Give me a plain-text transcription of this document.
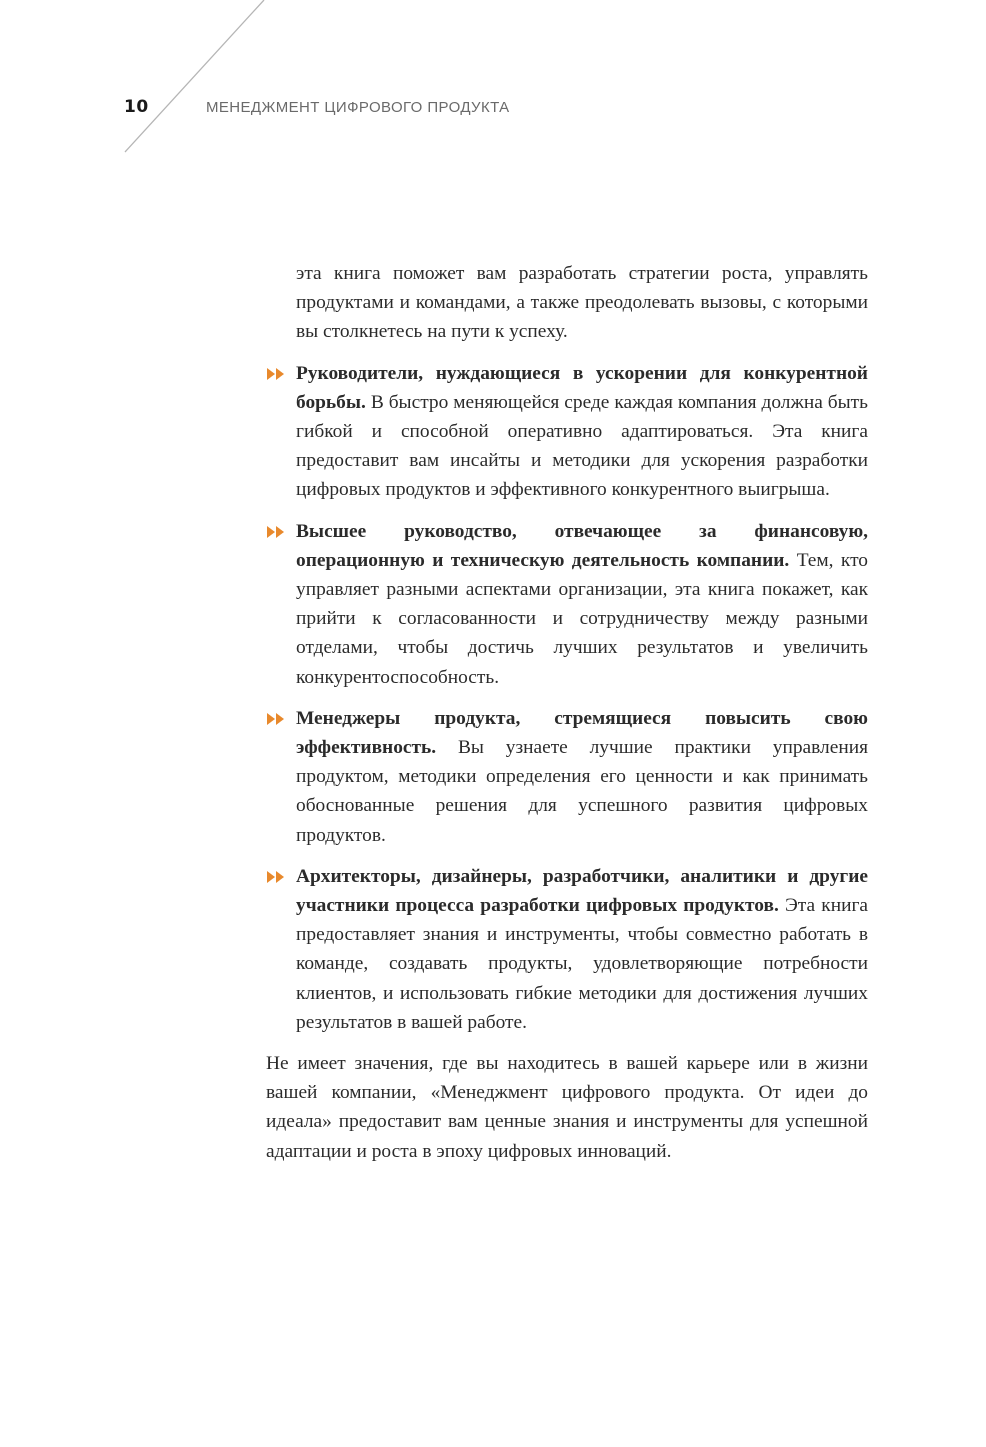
10	МЕНЕДЖМЕНТ ЦИФРОВОГО ПРОДУКТА

эта книга поможет вам разработать стратегии роста, управлять продуктами и командами, а также преодолевать вызовы, с которыми вы столкнетесь на пути к успеху.

Руководители, нуждающиеся в ускорении для конкурентной борьбы. В быстро меняющейся среде каждая компания должна быть гибкой и способной оперативно адаптироваться. Эта книга предоставит вам инсайты и методики для ускорения разработки цифровых продуктов и эффективного конкурентного выигрыша.
Высшее руководство, отвечающее за финансовую, операционную и техническую деятельность компании. Тем, кто управляет разными аспектами организации, эта книга покажет, как прийти к согласованности и сотрудничеству между разными отделами, чтобы достичь лучших результатов и увеличить конкурентоспособность.
Менеджеры продукта, стремящиеся повысить свою эффективность. Вы узнаете лучшие практики управления продуктом, методики определения его ценности и как принимать обоснованные решения для успешного развития цифровых продуктов.
Архитекторы, дизайнеры, разработчики, аналитики и другие участники процесса разработки цифровых продуктов. Эта книга предоставляет знания и инструменты, чтобы совместно работать в команде, создавать продукты, удовлетворяющие потребности клиентов, и использовать гибкие методики для достижения лучших результатов в вашей работе.

Не имеет значения, где вы находитесь в вашей карьере или в жизни вашей компании, «Менеджмент цифрового продукта. От идеи до идеала» предоставит вам ценные знания и инструменты для успешной адаптации и роста в эпоху цифровых инноваций.
